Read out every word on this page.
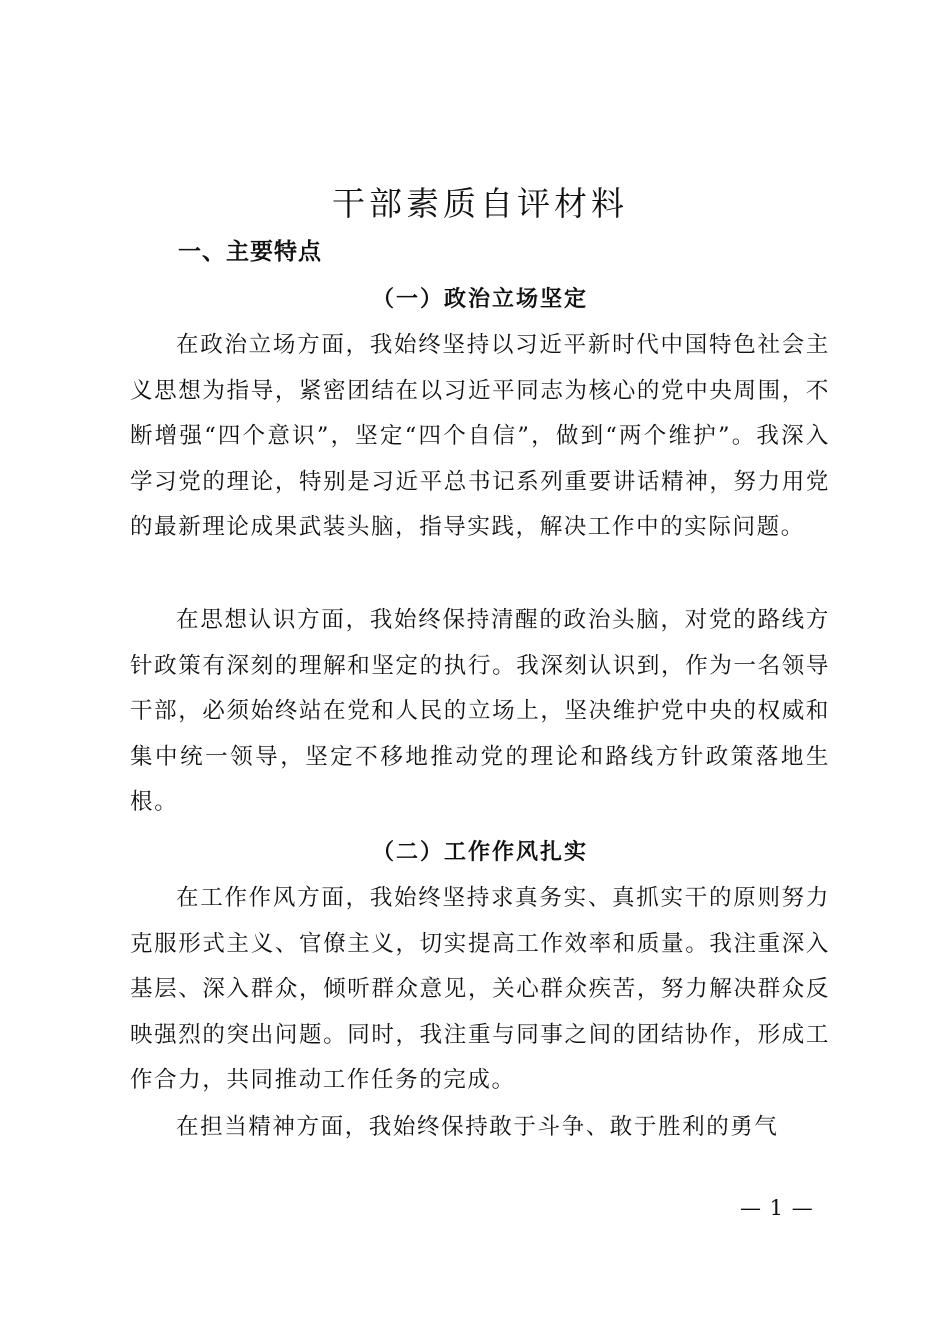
干部素质自评材料
一、主要特点
（一）政治立场坚定

在政治立场方面，我始终坚持以习近平新时代中国特色社会主义思想为指导，紧密团结在以习近平同志为核心的党中央周围，不断增强“四个意识”，坚定“四个自信”，做到“两个维护”。我深入学习党的理论，特别是习近平总书记系列重要讲话精神，努力用党的最新理论成果武装头脑，指导实践，解决工作中的实际问题。

在思想认识方面，我始终保持清醒的政治头脑，对党的路线方针政策有深刻的理解和坚定的执行。我深刻认识到，作为一名领导干部，必须始终站在党和人民的立场上，坚决维护党中央的权威和集中统一领导，坚定不移地推动党的理论和路线方针政策落地生根。

（二）工作作风扎实

在工作作风方面，我始终坚持求真务实、真抓实干的原则努力克服形式主义、官僚主义，切实提高工作效率和质量。我注重深入基层、深入群众，倾听群众意见，关心群众疾苦，努力解决群众反映强烈的突出问题。同时，我注重与同事之间的团结协作，形成工作合力，共同推动工作任务的完成。

在担当精神方面，我始终保持敢于斗争、敢于胜利的勇气

— 1 —
